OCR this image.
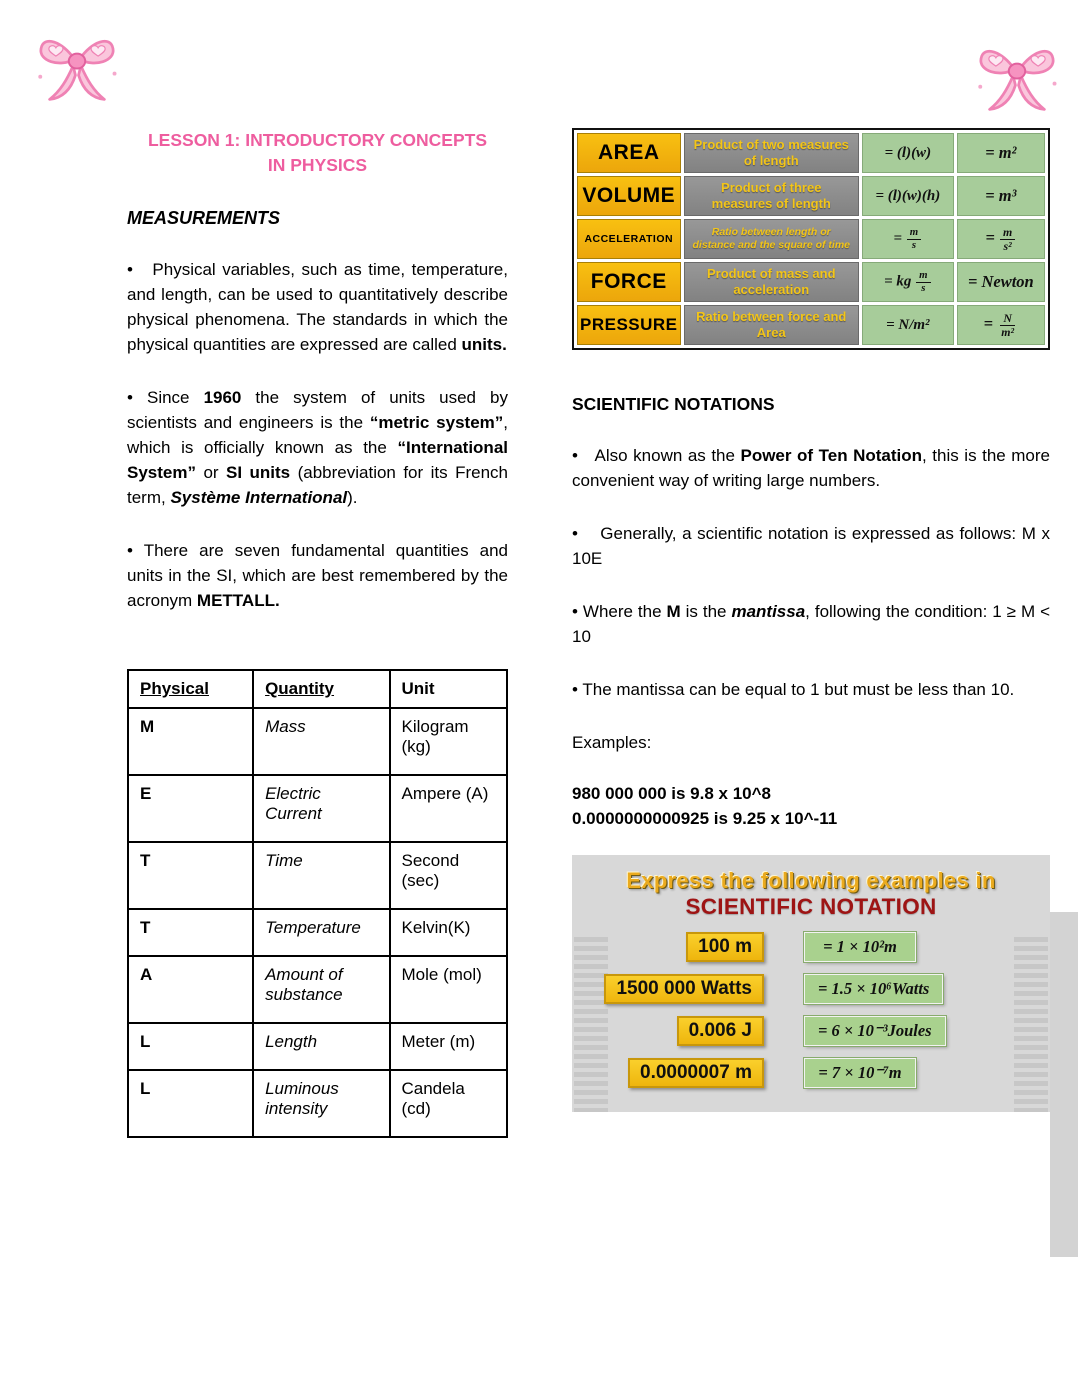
LESSON 1: INTRODUCTORY CONCEPTS
IN PHYSICS
MEASUREMENTS

•   Physical variables, such as time, temperature, and length, can be used to quantitatively describe physical phenomena. The standards in which the physical quantities are expressed are called units.

• Since 1960 the system of units used by scientists and engineers is the “metric system”, which is officially known as the “International System” or SI units (abbreviation for its French term, Système International).

• There are seven fundamental quantities and units in the SI, which are best remembered by the acronym METTALL.

Physical	Quantity	Unit
M	Mass	Kilogram (kg)
E	Electric Current	Ampere (A)
T	Time	Second (sec)
T	Temperature	Kelvin(K)
A	Amount of substance	Mole (mol)
L	Length	Meter (m)
L	Luminous intensity	Candela (cd)
AREA	Product of two measures of length	= (l)(w)	= m²
VOLUME	Product of three measures of length	= (l)(w)(h)	= m³
ACCELERATION	Ratio between length or distance and the square of time	= $\frac{m}{s}$	= $\frac{m}{\text{s²}}$

FORCE	Product of mass and acceleration	= kg $\frac{m}{s}$	= Newton
PRESSURE	Ratio between force and Area	= N/m²	= $\frac{N}{\text{m²}}$
SCIENTIFIC NOTATIONS

•   Also known as the Power of Ten Notation, this is the more convenient way of writing large numbers.

•    Generally, a scientific notation is expressed as follows: M x 10E

• Where the M is the mantissa, following the condition: 1 ≥ M < 10

• The mantissa can be equal to 1 but must be less than 10.

Examples:

980 000 000 is 9.8 x 10^8
0.0000000000925 is 9.25 x 10^-11
Express the following examples in
SCIENTIFIC NOTATION
100 m	= 1 × 10²m
1500 000 Watts	= 1.5 × 10⁶Watts
0.006 J	= 6 × 10⁻³Joules
0.0000007 m	= 7 × 10⁻⁷m
